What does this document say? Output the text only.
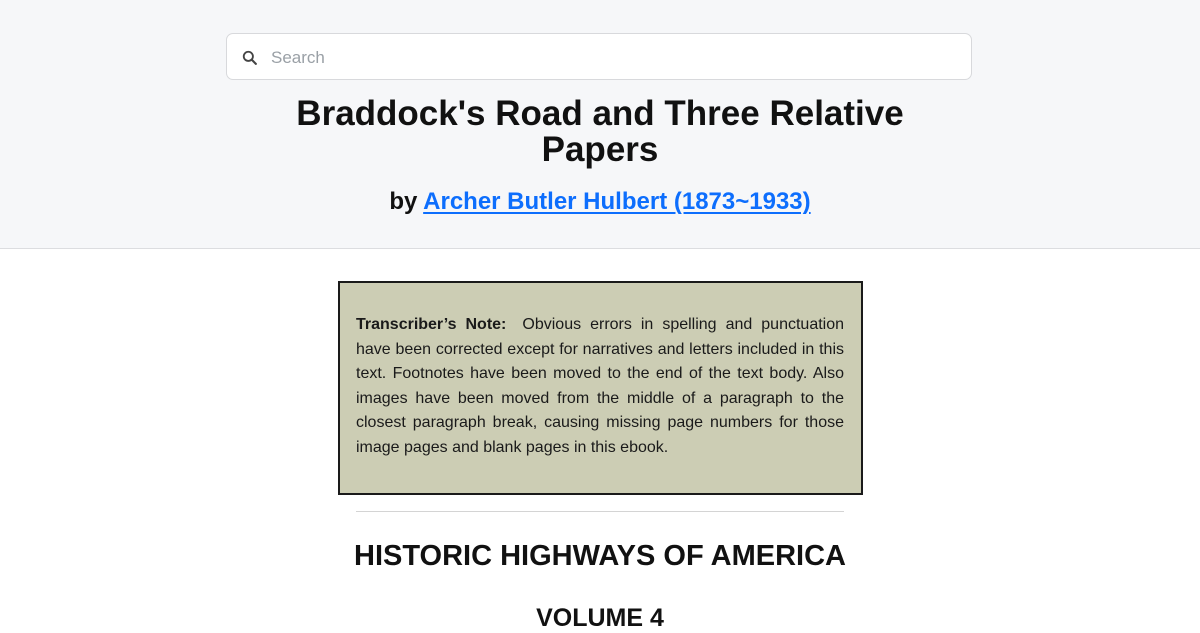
Search
Braddock's Road and Three Relative Papers
by Archer Butler Hulbert (1873~1933)

Transcriber’s Note: Obvious errors in spelling and punctuation have been corrected except for narratives and letters included in this text. Footnotes have been moved to the end of the text body. Also images have been moved from the middle of a paragraph to the closest paragraph break, causing missing page numbers for those image pages and blank pages in this ebook.

HISTORIC HIGHWAYS OF AMERICA
VOLUME 4
